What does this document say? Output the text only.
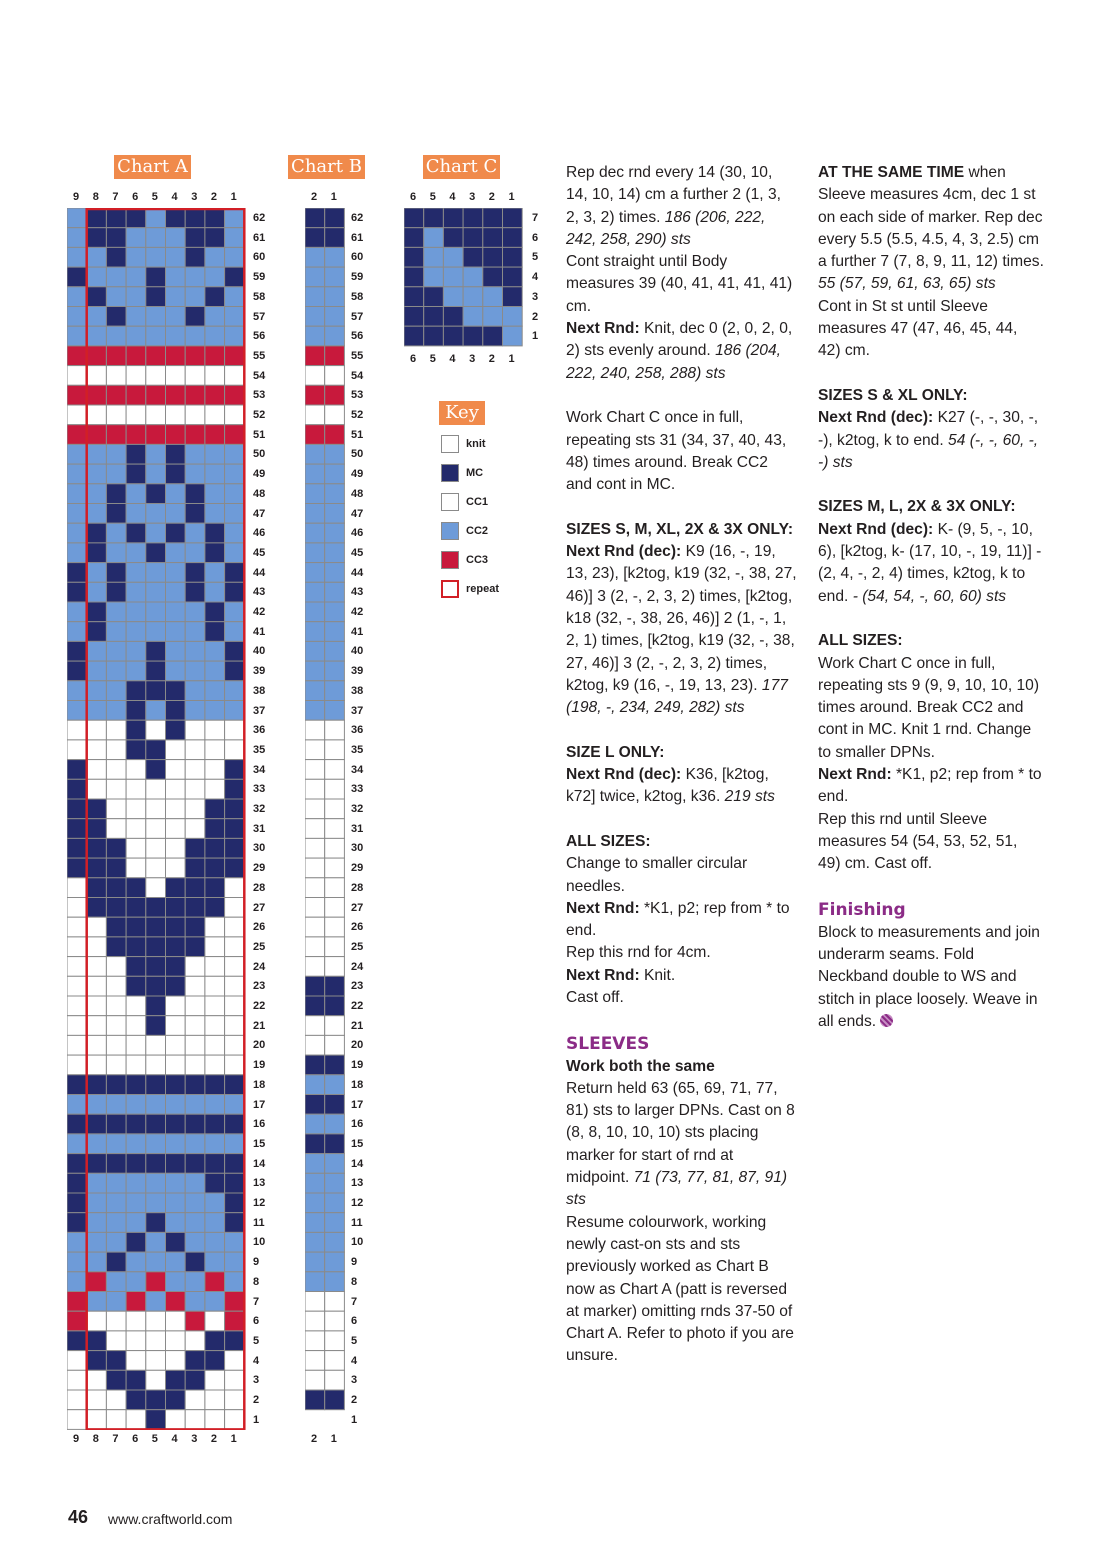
Chart A	Chart B	Chart C
9 8 7 6 5 4 3 2 1
62
61
60
59
58
57
56
55
54
53
52
51
50
49
48
47
46
45
44
43
42
41
40
39
38
37
36
35
34
33
32
31
30
29
28
27
26
25
24
23
22
21
20
19
18
17
16
15
14
13
12
11
10
9
8
7
6
5
4
3
2
1
9 8 7 6 5 4 3 2 1
2 1
62
61
60
59
58
57
56
55
54
53
52
51
50
49
48
47
46
45
44
43
42
41
40
39
38
37
36
35
34
33
32
31
30
29
28
27
26
25
24
23
22
21
20
19
18
17
16
15
14
13
12
11
10
9
8
7
6
5
4
3
2
1
2 1
6 5 4 3 2 1
7
6
5
4
3
2
1
6 5 4 3 2 1
Key
knit
MC
CC1
CC2
CC3
repeat

Rep dec rnd every 14 (30, 10, 14, 10, 14) cm a further 2 (1, 3, 2, 3, 2) times. 186 (206, 222, 242, 258, 290) sts
Cont straight until Body measures 39 (40, 41, 41, 41, 41) cm.
Next Rnd: Knit, dec 0 (2, 0, 2, 0, 2) sts evenly around. 186 (204, 222, 240, 258, 288) sts

Work Chart C once in full, repeating sts 31 (34, 37, 40, 43, 48) times around. Break CC2 and cont in MC.

SIZES S, M, XL, 2X & 3X ONLY:
Next Rnd (dec): K9 (16, -, 19, 13, 23), [k2tog, k19 (32, -, 38, 27, 46)] 3 (2, -, 2, 3, 2) times, [k2tog, k18 (32, -, 38, 26, 46)] 2 (1, -, 1, 2, 1) times, [k2tog, k19 (32, -, 38, 27, 46)] 3 (2, -, 2, 3, 2) times, k2tog, k9 (16, -, 19, 13, 23). 177 (198, -, 234, 249, 282) sts

SIZE L ONLY:
Next Rnd (dec): K36, [k2tog, k72] twice, k2tog, k36. 219 sts

ALL SIZES:
Change to smaller circular needles.
Next Rnd: *K1, p2; rep from * to end.
Rep this rnd for 4cm.
Next Rnd: Knit.
Cast off.

SLEEVES
Work both the same
Return held 63 (65, 69, 71, 77, 81) sts to larger DPNs. Cast on 8 (8, 8, 10, 10, 10) sts placing marker for start of rnd at midpoint. 71 (73, 77, 81, 87, 91) sts
Resume colourwork, working newly cast-on sts and sts previously worked as Chart B now as Chart A (patt is reversed at marker) omitting rnds 37-50 of Chart A. Refer to photo if you are unsure.

AT THE SAME TIME when Sleeve measures 4cm, dec 1 st on each side of marker. Rep dec every 5.5 (5.5, 4.5, 4, 3, 2.5) cm a further 7 (7, 8, 9, 11, 12) times. 55 (57, 59, 61, 63, 65) sts
Cont in St st until Sleeve measures 47 (47, 46, 45, 44, 42) cm.

SIZES S & XL ONLY:
Next Rnd (dec): K27 (-, -, 30, -, -), k2tog, k to end. 54 (-, -, 60, -, -) sts

SIZES M, L, 2X & 3X ONLY:
Next Rnd (dec): K- (9, 5, -, 10, 6), [k2tog, k- (17, 10, -, 19, 11)] - (2, 4, -, 2, 4) times, k2tog, k to end. - (54, 54, -, 60, 60) sts

ALL SIZES:
Work Chart C once in full, repeating sts 9 (9, 9, 10, 10, 10) times around. Break CC2 and cont in MC. Knit 1 rnd. Change to smaller DPNs.
Next Rnd: *K1, p2; rep from * to end.
Rep this rnd until Sleeve measures 54 (54, 53, 52, 51, 49) cm. Cast off.

Finishing
Block to measurements and join underarm seams. Fold Neckband double to WS and stitch in place loosely. Weave in all ends.
46 www.craftworld.com
